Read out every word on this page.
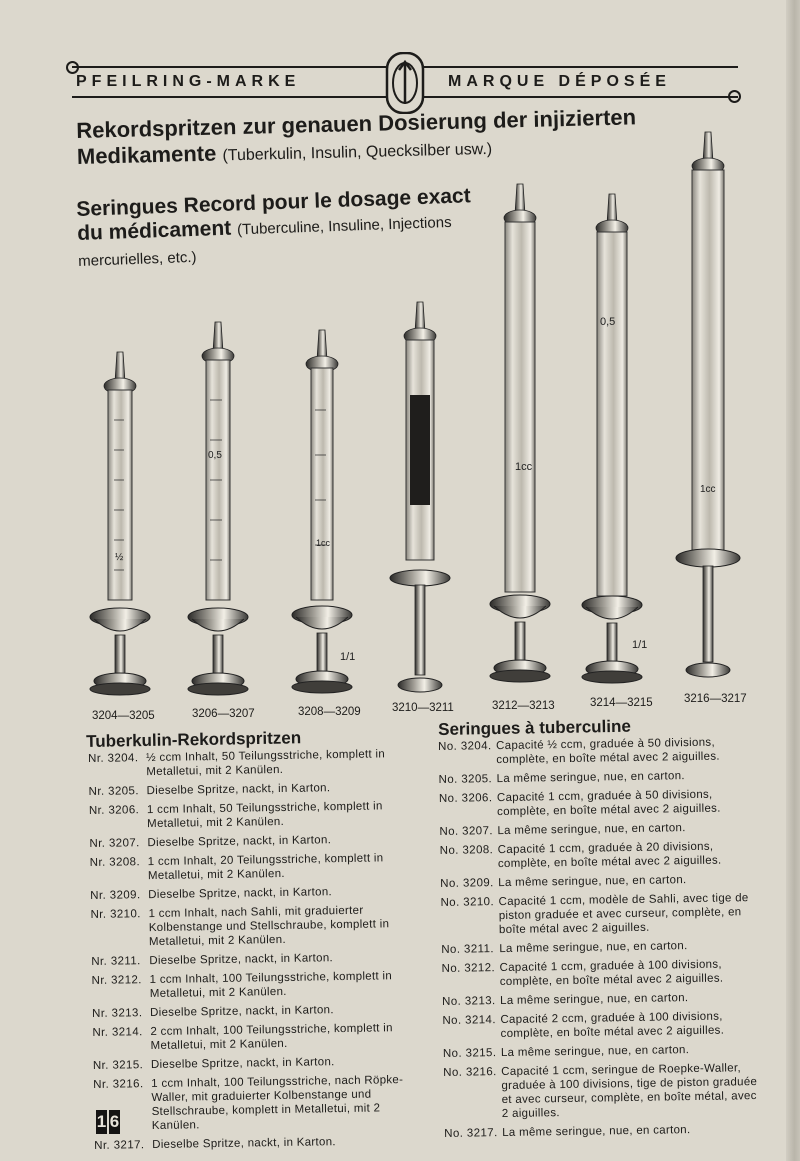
PFEILRING-MARKE	MARQUE DÉPOSÉE
Rekordspritzen zur genauen Dosierung der injizierten
Medikamente (Tuberkulin, Insulin, Quecksilber usw.)
Seringues Record pour le dosage exact
du médicament (Tuberculine, Insuline, Injections
mercurielles, etc.)
½
0,5
1cc
1/1
1cc
0,5
1/1
1cc
3204—3205	3206—3207	3208—3209	3210—3211	3212—3213	3214—3215	3216—3217
Tuberkulin-Rekordspritzen
Nr. 3204. ½ ccm Inhalt, 50 Teilungsstriche, komplett in Metalletui, mit 2 Kanülen.
Nr. 3205. Dieselbe Spritze, nackt, in Karton.
Nr. 3206. 1 ccm Inhalt, 50 Teilungsstriche, komplett in Metalletui, mit 2 Kanülen.
Nr. 3207. Dieselbe Spritze, nackt, in Karton.
Nr. 3208. 1 ccm Inhalt, 20 Teilungsstriche, komplett in Metalletui, mit 2 Kanülen.
Nr. 3209. Dieselbe Spritze, nackt, in Karton.
Nr. 3210. 1 ccm Inhalt, nach Sahli, mit graduierter Kolbenstange und Stellschraube, komplett in Metalletui, mit 2 Kanülen.
Nr. 3211. Dieselbe Spritze, nackt, in Karton.
Nr. 3212. 1 ccm Inhalt, 100 Teilungsstriche, komplett in Metalletui, mit 2 Kanülen.
Nr. 3213. Dieselbe Spritze, nackt, in Karton.
Nr. 3214. 2 ccm Inhalt, 100 Teilungsstriche, komplett in Metalletui, mit 2 Kanülen.
Nr. 3215. Dieselbe Spritze, nackt, in Karton.
Nr. 3216. 1 ccm Inhalt, 100 Teilungsstriche, nach Röpke-Waller, mit graduierter Kolbenstange und Stellschraube, komplett in Metalletui, mit 2 Kanülen.
Nr. 3217. Dieselbe Spritze, nackt, in Karton.
Seringues à tuberculine
No. 3204. Capacité ½ ccm, graduée à 50 divisions, complète, en boîte métal avec 2 aiguilles.
No. 3205. La même seringue, nue, en carton.
No. 3206. Capacité 1 ccm, graduée à 50 divisions, complète, en boîte métal avec 2 aiguilles.
No. 3207. La même seringue, nue, en carton.
No. 3208. Capacité 1 ccm, graduée à 20 divisions, complète, en boîte métal avec 2 aiguilles.
No. 3209. La même seringue, nue, en carton.
No. 3210. Capacité 1 ccm, modèle de Sahli, avec tige de piston graduée et avec curseur, complète, en boîte métal avec 2 aiguilles.
No. 3211. La même seringue, nue, en carton.
No. 3212. Capacité 1 ccm, graduée à 100 divisions, complète, en boîte métal avec 2 aiguilles.
No. 3213. La même seringue, nue, en carton.
No. 3214. Capacité 2 ccm, graduée à 100 divisions, complète, en boîte métal avec 2 aiguilles.
No. 3215. La même seringue, nue, en carton.
No. 3216. Capacité 1 ccm, seringue de Roepke-Waller, graduée à 100 divisions, tige de piston graduée et avec curseur, complète, en boîte métal, avec 2 aiguilles.
No. 3217. La même seringue, nue, en carton.
1 6
